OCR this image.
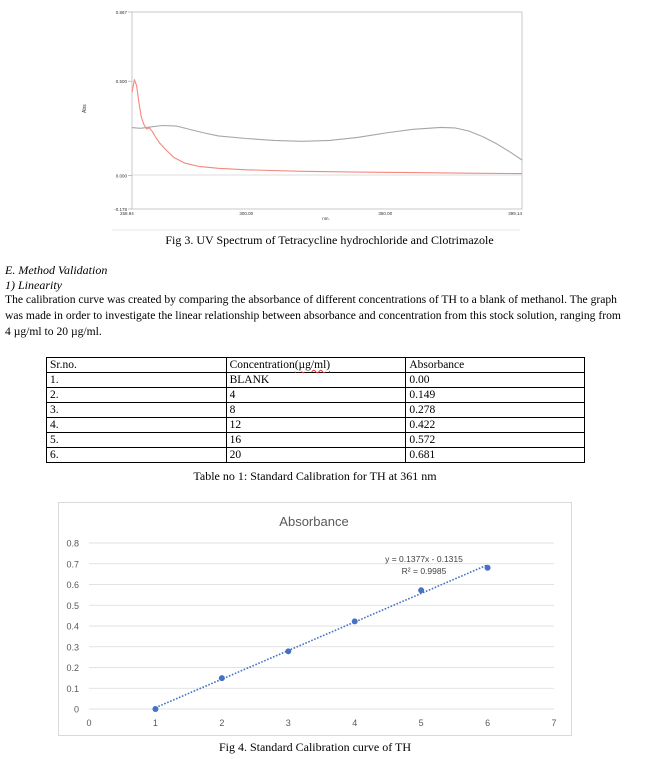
0.867
0.500
0.000
-0.178
258.94	300.00	350.00	399.14
Abs
nm.
Fig 3. UV Spectrum of Tetracycline hydrochloride and Clotrimazole
E. Method Validation
1) Linearity
The calibration curve was created by comparing the absorbance of different concentrations of TH to a blank of methanol. The graph
was made in order to investigate the linear relationship between absorbance and concentration from this stock solution, ranging from
4 µg/ml to 20 µg/ml.
Sr.no.	Concentration(µg/ml)	Absorbance
1.	BLANK	0.00
2.	4	0.149
3.	8	0.278
4.	12	0.422
5.	16	0.572
6.	20	0.681
Table no 1: Standard Calibration for TH at 361 nm
Absorbance
0
0.1
0.2
0.3
0.4
0.5
0.6
0.7
0.8
0	1	2	3	4	5	6	7
y = 0.1377x - 0.1315
R² = 0.9985
Fig 4. Standard Calibration curve of TH
